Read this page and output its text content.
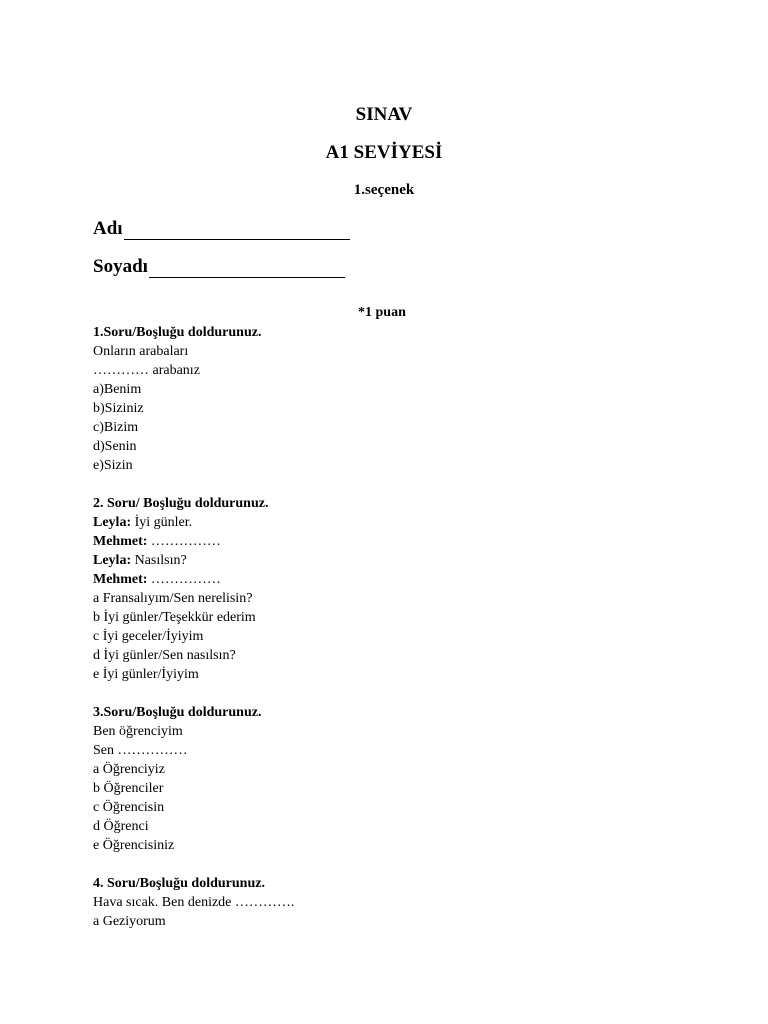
SINAV
A1 SEVİYESİ
1.seçenek
Adı
Soyadı
*1 puan
1.Soru/Boşluğu doldurunuz.
Onların arabaları
………… arabanız
a)Benim
b)Siziniz
c)Bizim
d)Senin
e)Sizin
2. Soru/ Boşluğu doldurunuz.
Leyla: İyi günler.
Mehmet: ……………
Leyla: Nasılsın?
Mehmet: ……………
a Fransalıyım/Sen nerelisin?
b İyi günler/Teşekkür ederim
c İyi geceler/İyiyim
d İyi günler/Sen nasılsın?
e İyi günler/İyiyim
3.Soru/Boşluğu doldurunuz.
Ben öğrenciyim
Sen ……………
a Öğrenciyiz
b Öğrenciler
c Öğrencisin
d Öğrenci
e Öğrencisiniz
4. Soru/Boşluğu doldurunuz.
Hava sıcak. Ben denizde ………….
a Geziyorum
